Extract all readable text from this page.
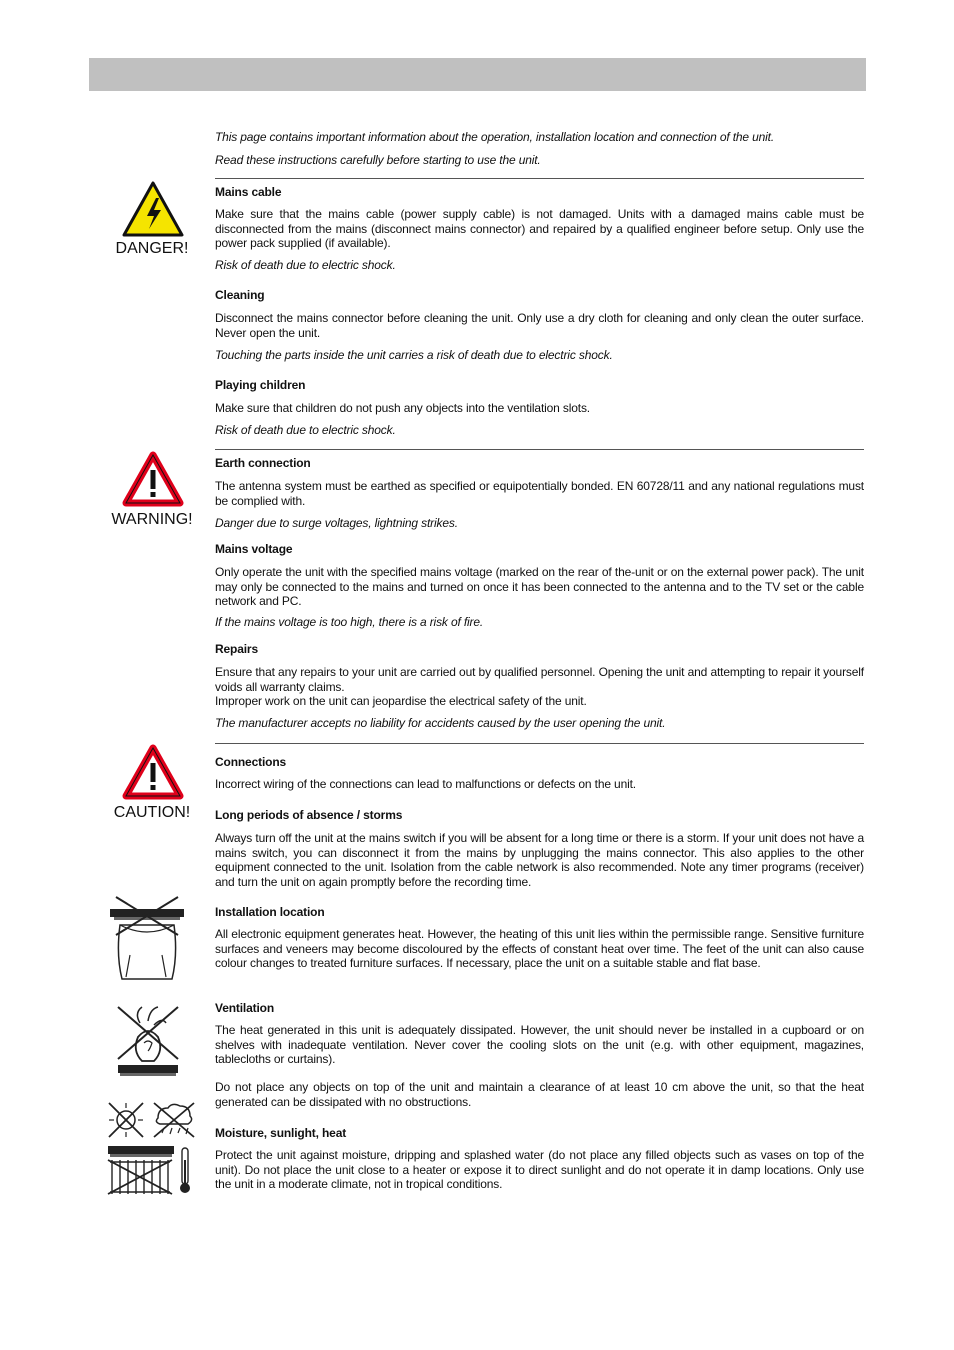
This page contains important information about the operation, installation location and connection of the unit.
Read these instructions carefully before starting to use the unit.
DANGER!
Mains cable
Make sure that the mains cable (power supply cable) is not damaged. Units with a damaged mains cable must be disconnected from the mains (disconnect mains connector) and repaired by a qualified engineer before setup. Only use the power pack supplied (if available).
Risk of death due to electric shock.
Cleaning
Disconnect the mains connector before cleaning the unit. Only use a dry cloth for cleaning and only clean the outer surface. Never open the unit.
Touching the parts inside the unit carries a risk of death due to electric shock.
Playing children
Make sure that children do not push any objects into the ventilation slots.
Risk of death due to electric shock.
WARNING!
Earth connection
The antenna system must be earthed as specified or equipotentially bonded. EN 60728/11 and any national regulations must be complied with.
Danger due to surge voltages, lightning strikes.
Mains voltage
Only operate the unit with the specified mains voltage (marked on the rear of the-unit or on the external power pack). The unit may only be connected to the mains and turned on once it has been connected to the antenna and to the TV set or the cable network and PC.
If the mains voltage is too high, there is a risk of fire.
Repairs
Ensure that any repairs to your unit are carried out by qualified personnel. Opening the unit and attempting to repair it yourself voids all warranty claims.
Improper work on the unit can jeopardise the electrical safety of the unit.
The manufacturer accepts no liability for accidents caused by the user opening the unit.
CAUTION!
Connections
Incorrect wiring of the connections can lead to malfunctions or defects on the unit.
Long periods of absence / storms
Always turn off the unit at the mains switch if you will be absent for a long time or there is a storm. If your unit does not have a mains switch, you can disconnect it from the mains by unplugging the mains connector. This also applies to the other equipment connected to the unit. Isolation from the cable network is also recommended. Note any timer programs (receiver) and turn the unit on again promptly before the recording time.
Installation location
All electronic equipment generates heat. However, the heating of this unit lies within the permissible range. Sensitive furniture surfaces and veneers may become discoloured by the effects of constant heat over time. The feet of the unit can also cause colour changes to treated furniture surfaces. If necessary, place the unit on a suitable stable and flat base.
Ventilation
The heat generated in this unit is adequately dissipated. However, the unit should never be installed in a cupboard or on shelves with inadequate ventilation. Never cover the cooling slots on the unit (e.g. with other equipment, magazines, tablecloths or curtains).
Do not place any objects on top of the unit and maintain a clearance of at least 10 cm above the unit, so that the heat generated can be dissipated with no obstructions.
Moisture, sunlight, heat
Protect the unit against moisture, dripping and splashed water (do not place any filled objects such as vases on top of the unit). Do not place the unit close to a heater or expose it to direct sunlight and do not operate it in damp locations. Only use the unit in a moderate climate, not in tropical conditions.
